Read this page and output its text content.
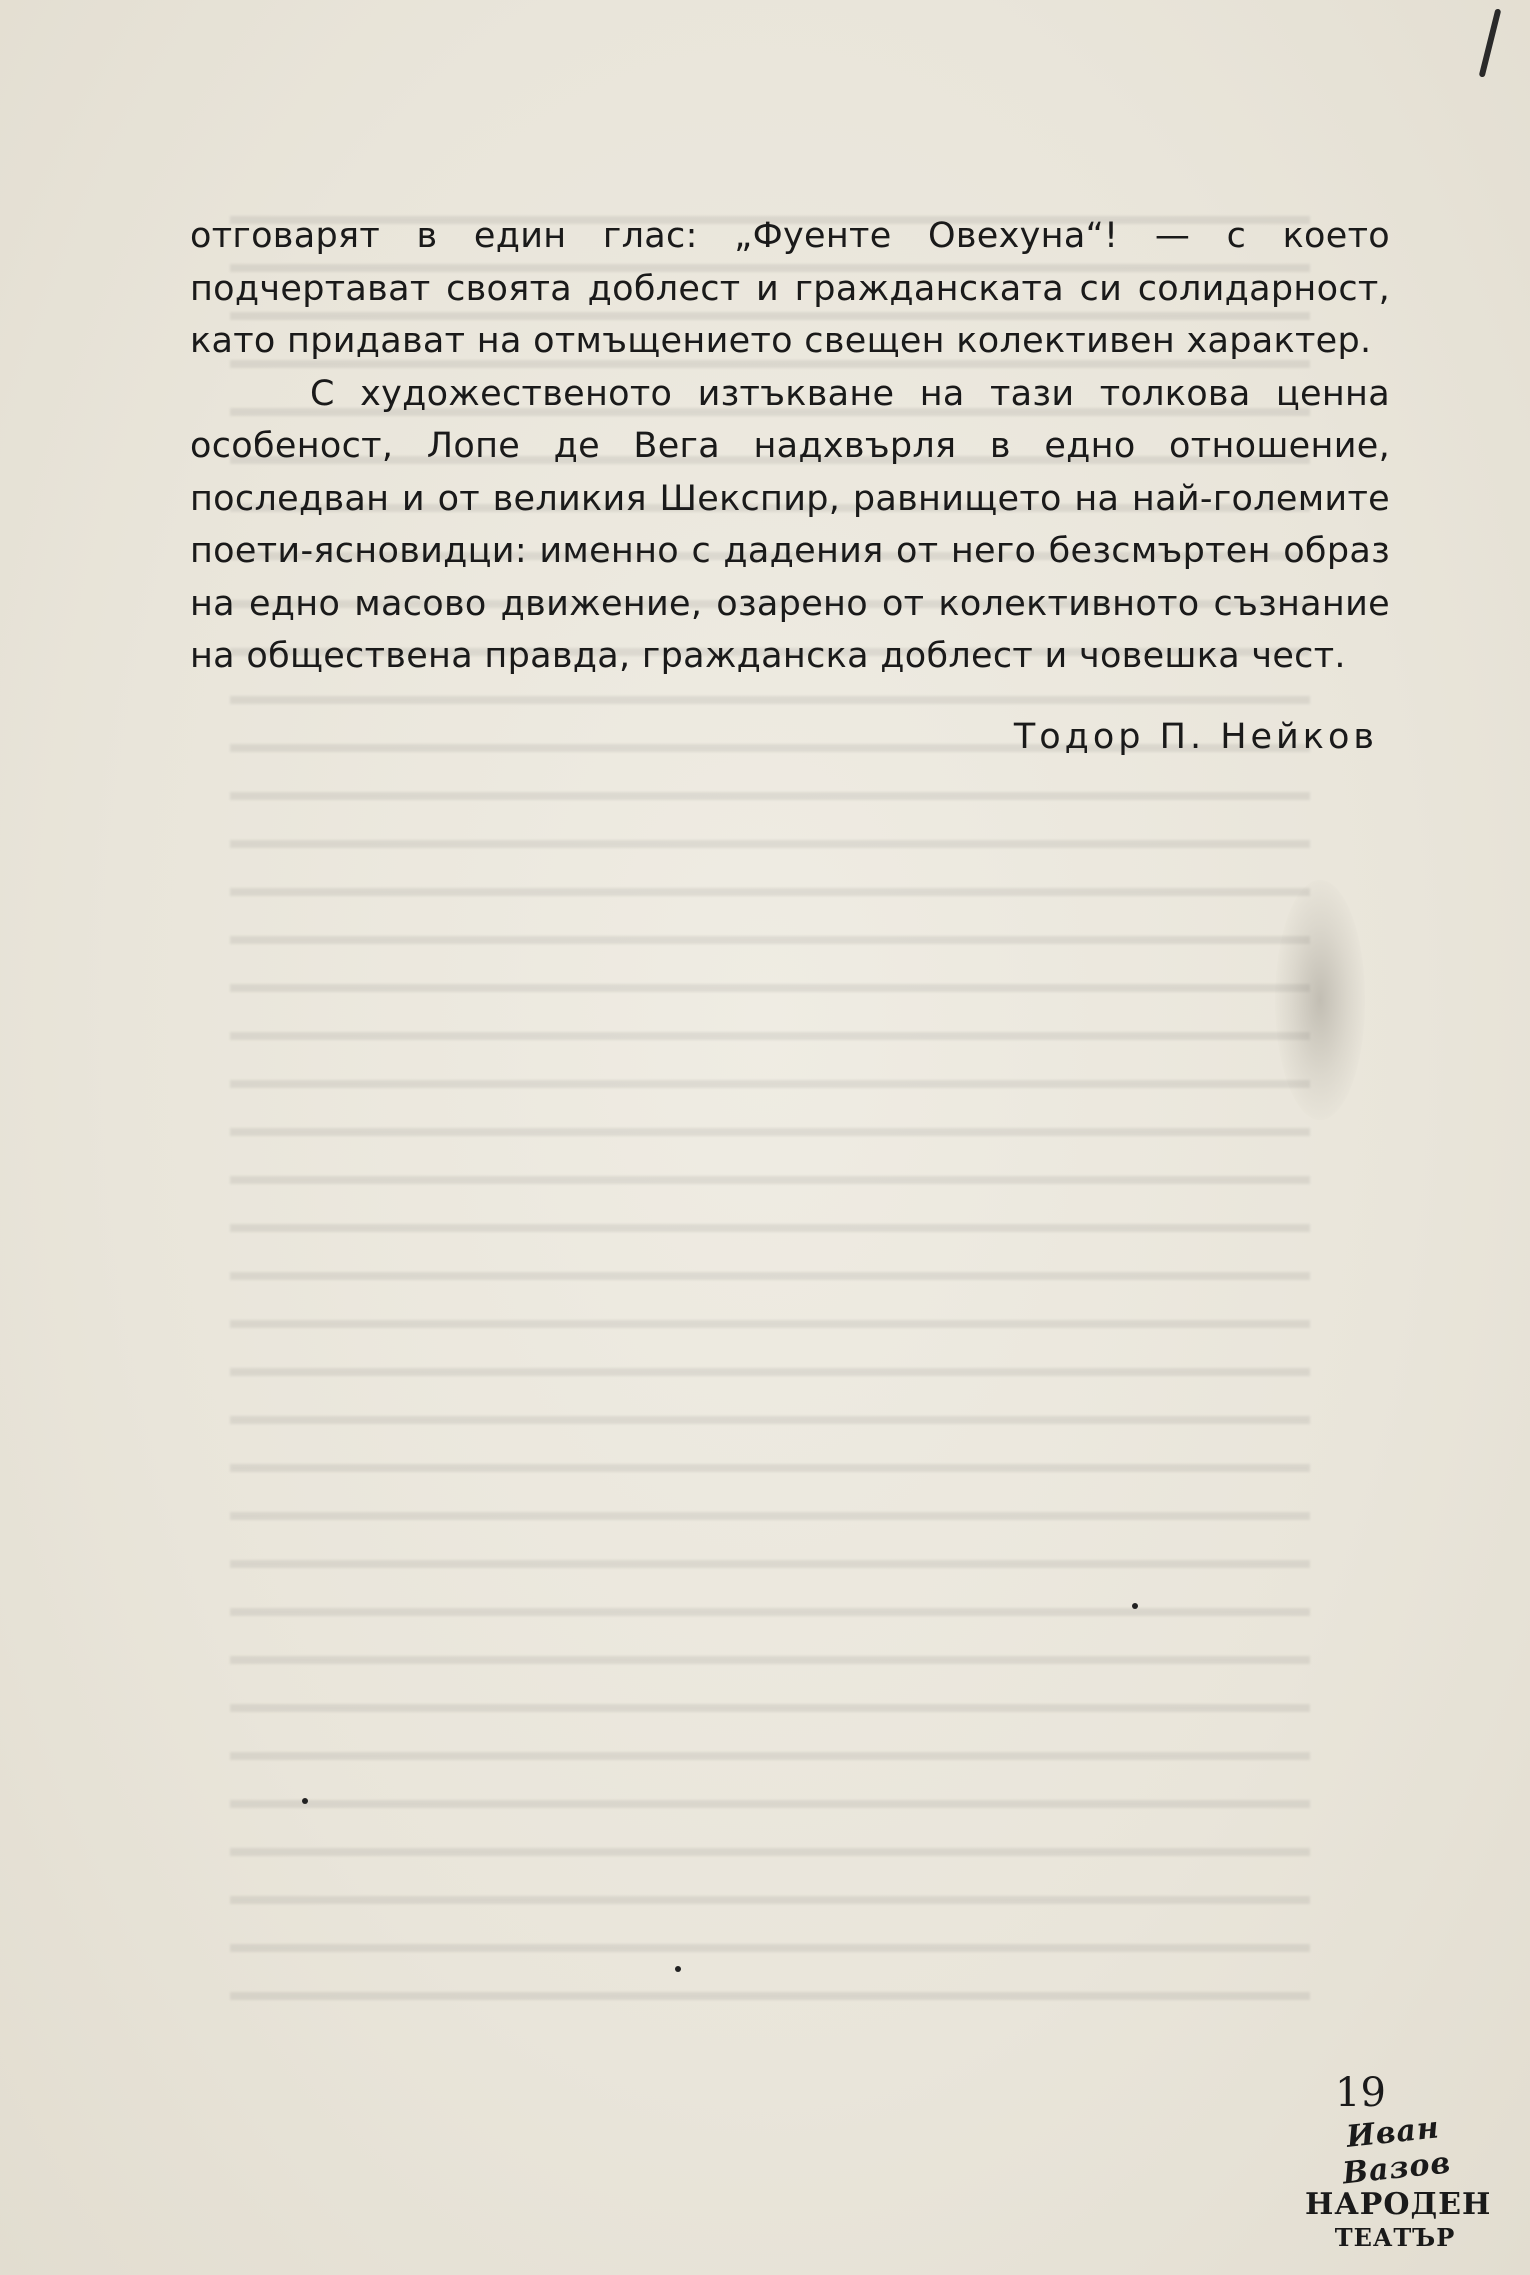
отговарят в един глас: „Фуенте Овехуна“! — с което подчертават своята доблест и гражданската си солидарност, като придават на отмъщението свещен колективен характер.

С художественото изтъкване на тази толкова ценна особеност, Лопе де Вега надхвърля в едно отношение, последван и от великия Шекспир, равнището на най-големите поети-ясновидци: именно с дадения от него безсмъртен образ на едно масово движение, озарено от колективното съзнание на обществена правда, гражданска доблест и човешка чест.

Тодор П. Нейков
19
Иван Вазов
НАРОДЕН
ТЕАТЪР
